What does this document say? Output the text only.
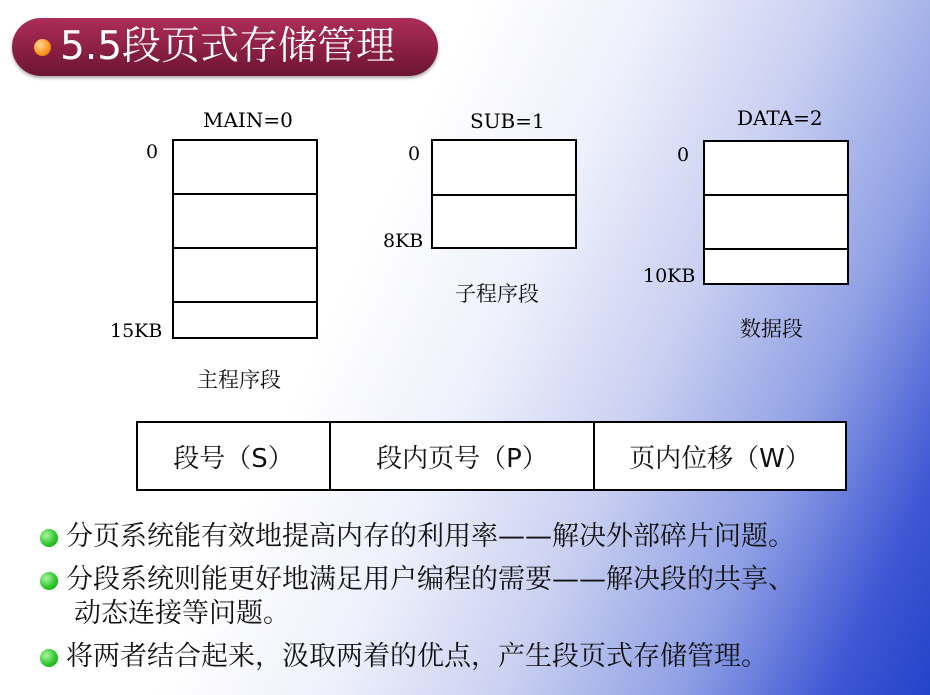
5.5段页式存储管理
MAIN=0
0
15KB
主程序段
SUB=1
0
8KB
子程序段
DATA=2
0
10KB
数据段
段号（S）	段内页号（P）	页内位移（W）
分页系统能有效地提高内存的利用率——解决外部碎片问题。
分段系统则能更好地满足用户编程的需要——解决段的共享、
动态连接等问题。
将两者结合起来，汲取两着的优点，产生段页式存储管理。
